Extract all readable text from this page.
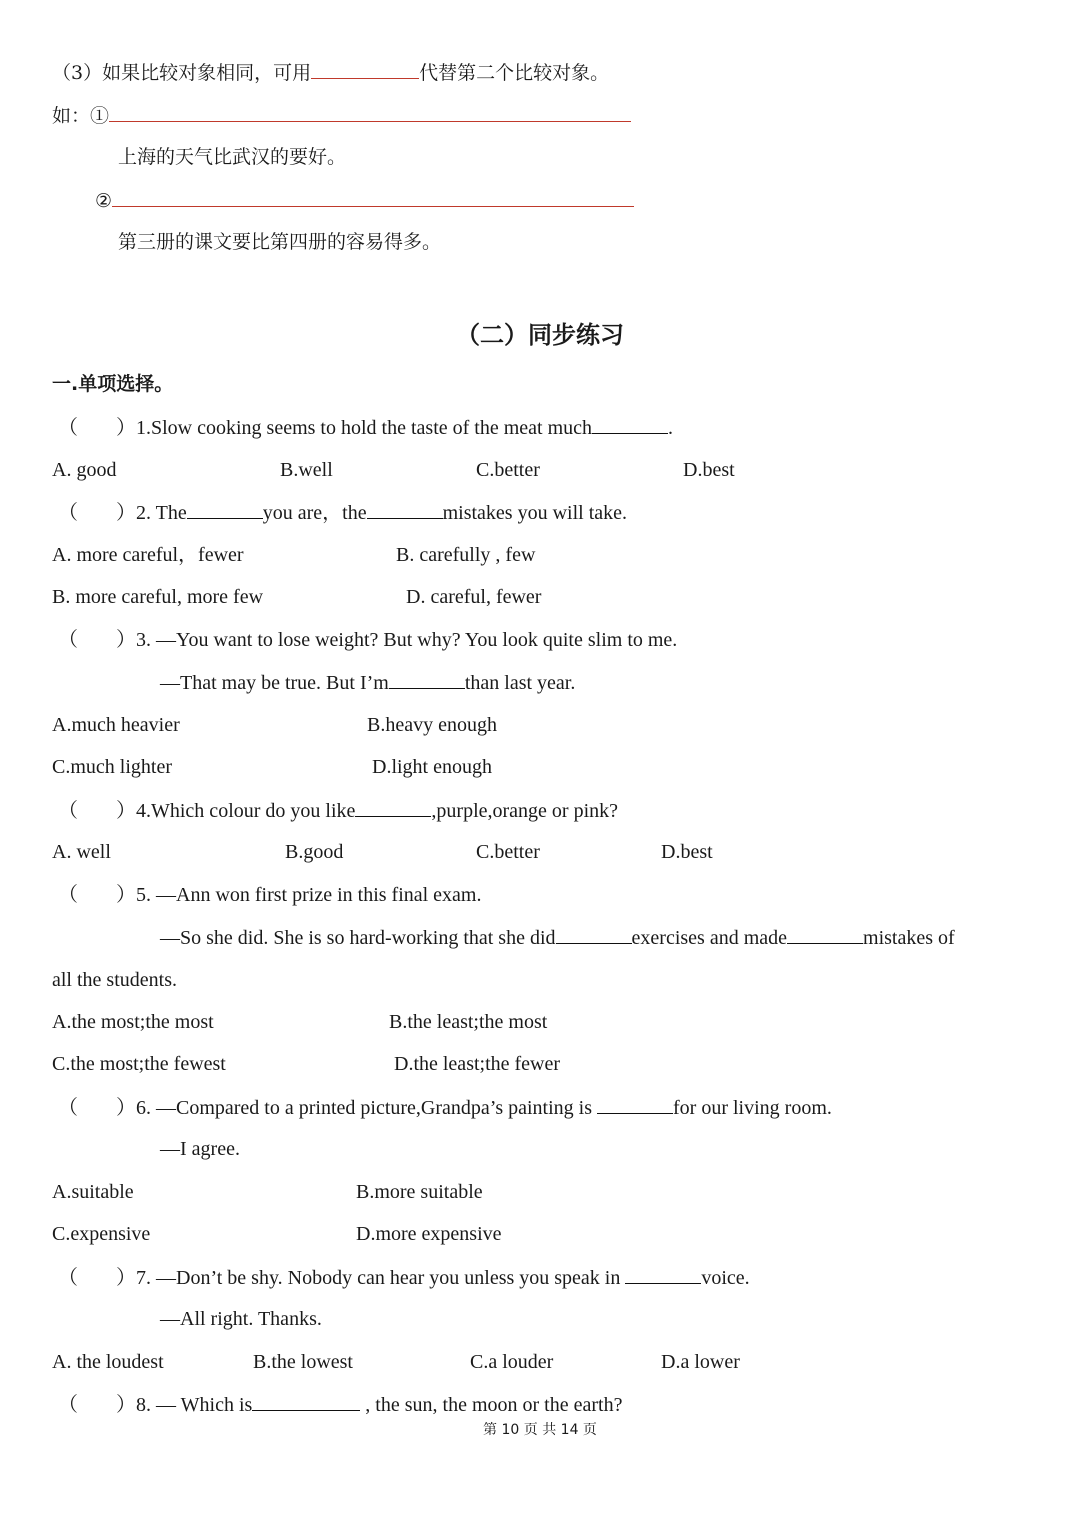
（3）如果比较对象相同，可用	代替第二个比较对象。
如：①
上海的天气比武汉的要好。
②
第三册的课文要比第四册的容易得多。
（二）同步练习
一.单项选择。
（ ）1.Slow cooking seems to hold the taste of the meat much	.
A. good	B.well	C.better	D.best
（ ）2. The	you are，the	mistakes you will take.
A. more careful，fewer	B. carefully , few
B. more careful, more few	D. careful, fewer
（ ）3. —You want to lose weight? But why? You look quite slim to me.
—That may be true. But I’m	than last year.
A.much heavier	B.heavy enough
C.much lighter	D.light enough
（ ）4.Which colour do you like	,purple,orange or pink?
A. well	B.good	C.better	D.best
（ ）5. —Ann won first prize in this final exam.
—So she did. She is so hard-working that she did	exercises and made	mistakes of
all the students.
A.the most;the most	B.the least;the most
C.the most;the fewest	D.the least;the fewer
（ ）6. —Compared to a printed picture,Grandpa’s painting is	for our living room.
—I agree.
A.suitable	B.more suitable
C.expensive	D.more expensive
（ ）7. —Don’t be shy. Nobody can hear you unless you speak in	voice.
—All right. Thanks.
A. the loudest	B.the lowest	C.a louder	D.a lower
（ ）8. — Which is	, the sun, the moon or the earth?
第 10 页 共 14 页
